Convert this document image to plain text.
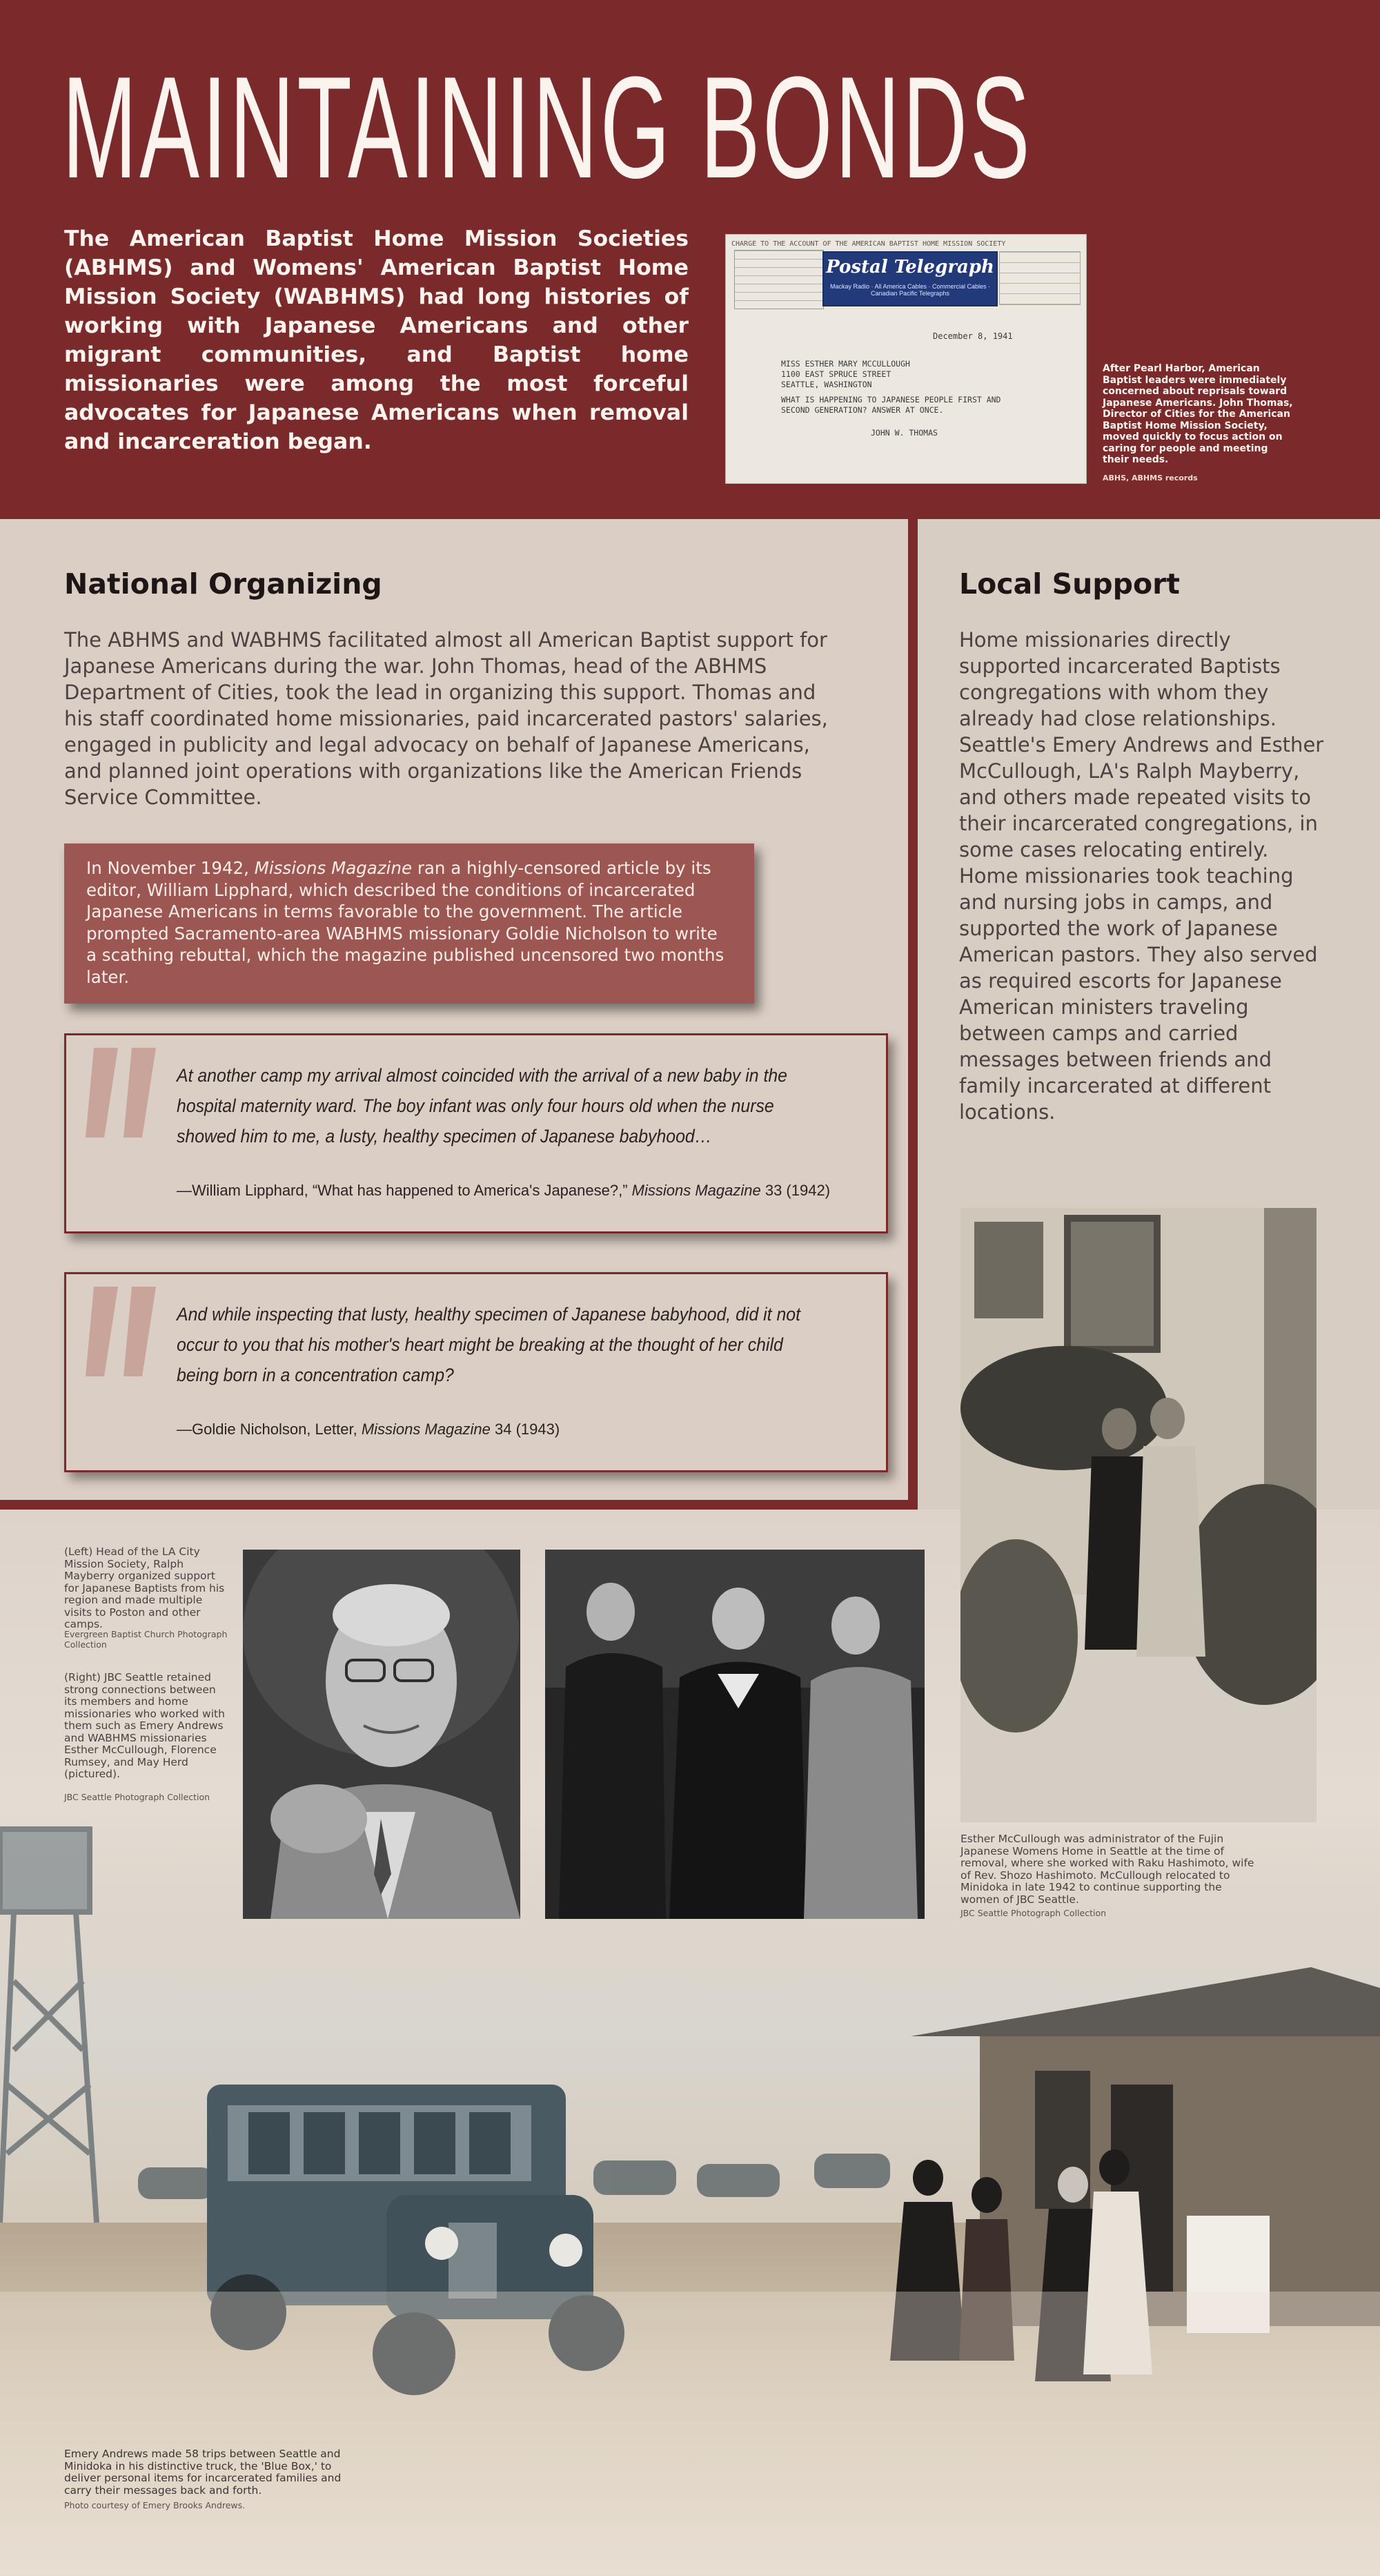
MAINTAINING BONDS
The American Baptist Home Mission Societies (ABHMS) and Womens' American Baptist Home Mission Society (WABHMS) had long histories of working with Japanese Americans and other migrant communities, and Baptist home missionaries were among the most forceful advocates for Japanese Americans when removal and incarceration began.
CHARGE TO THE ACCOUNT OF THE AMERICAN BAPTIST HOME MISSION SOCIETY
Postal Telegraph
Mackay Radio · All America Cables · Commercial Cables · Canadian Pacific Telegraphs
December 8, 1941
MISS ESTHER MARY MCCULLOUGH
1100 EAST SPRUCE STREET
SEATTLE, WASHINGTON
WHAT IS HAPPENING TO JAPANESE PEOPLE FIRST AND
SECOND GENERATION? ANSWER AT ONCE.
JOHN W. THOMAS
After Pearl Harbor, American Baptist leaders were immediately concerned about reprisals toward Japanese Americans. John Thomas, Director of Cities for the American Baptist Home Mission Society, moved quickly to focus action on caring for people and meeting their needs.
ABHS, ABHMS records
National Organizing
The ABHMS and WABHMS facilitated almost all American Baptist support for Japanese Americans during the war. John Thomas, head of the ABHMS Department of Cities, took the lead in organizing this support. Thomas and his staff coordinated home missionaries, paid incarcerated pastors' salaries, engaged in publicity and legal advocacy on behalf of Japanese Americans, and planned joint operations with organizations like the American Friends Service Committee.
In November 1942, Missions Magazine ran a highly-censored article by its editor, William Lipphard, which described the conditions of incarcerated Japanese Americans in terms favorable to the government. The article prompted Sacramento-area WABHMS missionary Goldie Nicholson to write a scathing rebuttal, which the magazine published uncensored two months later.
At another camp my arrival almost coincided with the arrival of a new baby in the hospital maternity ward. The boy infant was only four hours old when the nurse showed him to me, a lusty, healthy specimen of Japanese babyhood…
—William Lipphard, “What has happened to America's Japanese?,” Missions Magazine 33 (1942)
And while inspecting that lusty, healthy specimen of Japanese babyhood, did it not occur to you that his mother's heart might be breaking at the thought of her child being born in a concentration camp?
—Goldie Nicholson, Letter, Missions Magazine 34 (1943)
Local Support
Home missionaries directly supported incarcerated Baptists congregations with whom they already had close relationships. Seattle's Emery Andrews and Esther McCullough, LA's Ralph Mayberry, and others made repeated visits to their incarcerated congregations, in some cases relocating entirely. Home missionaries took teaching and nursing jobs in camps, and supported the work of Japanese American pastors. They also served as required escorts for Japanese American ministers traveling between camps and carried messages between friends and family incarcerated at different locations.
(Left) Head of the LA City Mission Society, Ralph Mayberry organized support for Japanese Baptists from his region and made multiple visits to Poston and other camps.
Evergreen Baptist Church Photograph Collection
(Right) JBC Seattle retained strong connections between its members and home missionaries who worked with them such as Emery Andrews and WABHMS missionaries Esther McCullough, Florence Rumsey, and May Herd (pictured).
JBC Seattle Photograph Collection
Esther McCullough was administrator of the Fujin Japanese Womens Home in Seattle at the time of removal, where she worked with Raku Hashimoto, wife of Rev. Shozo Hashimoto. McCullough relocated to Minidoka in late 1942 to continue supporting the women of JBC Seattle.
JBC Seattle Photograph Collection
Emery Andrews made 58 trips between Seattle and Minidoka in his distinctive truck, the 'Blue Box,' to deliver personal items for incarcerated families and carry their messages back and forth.
Photo courtesy of Emery Brooks Andrews.
